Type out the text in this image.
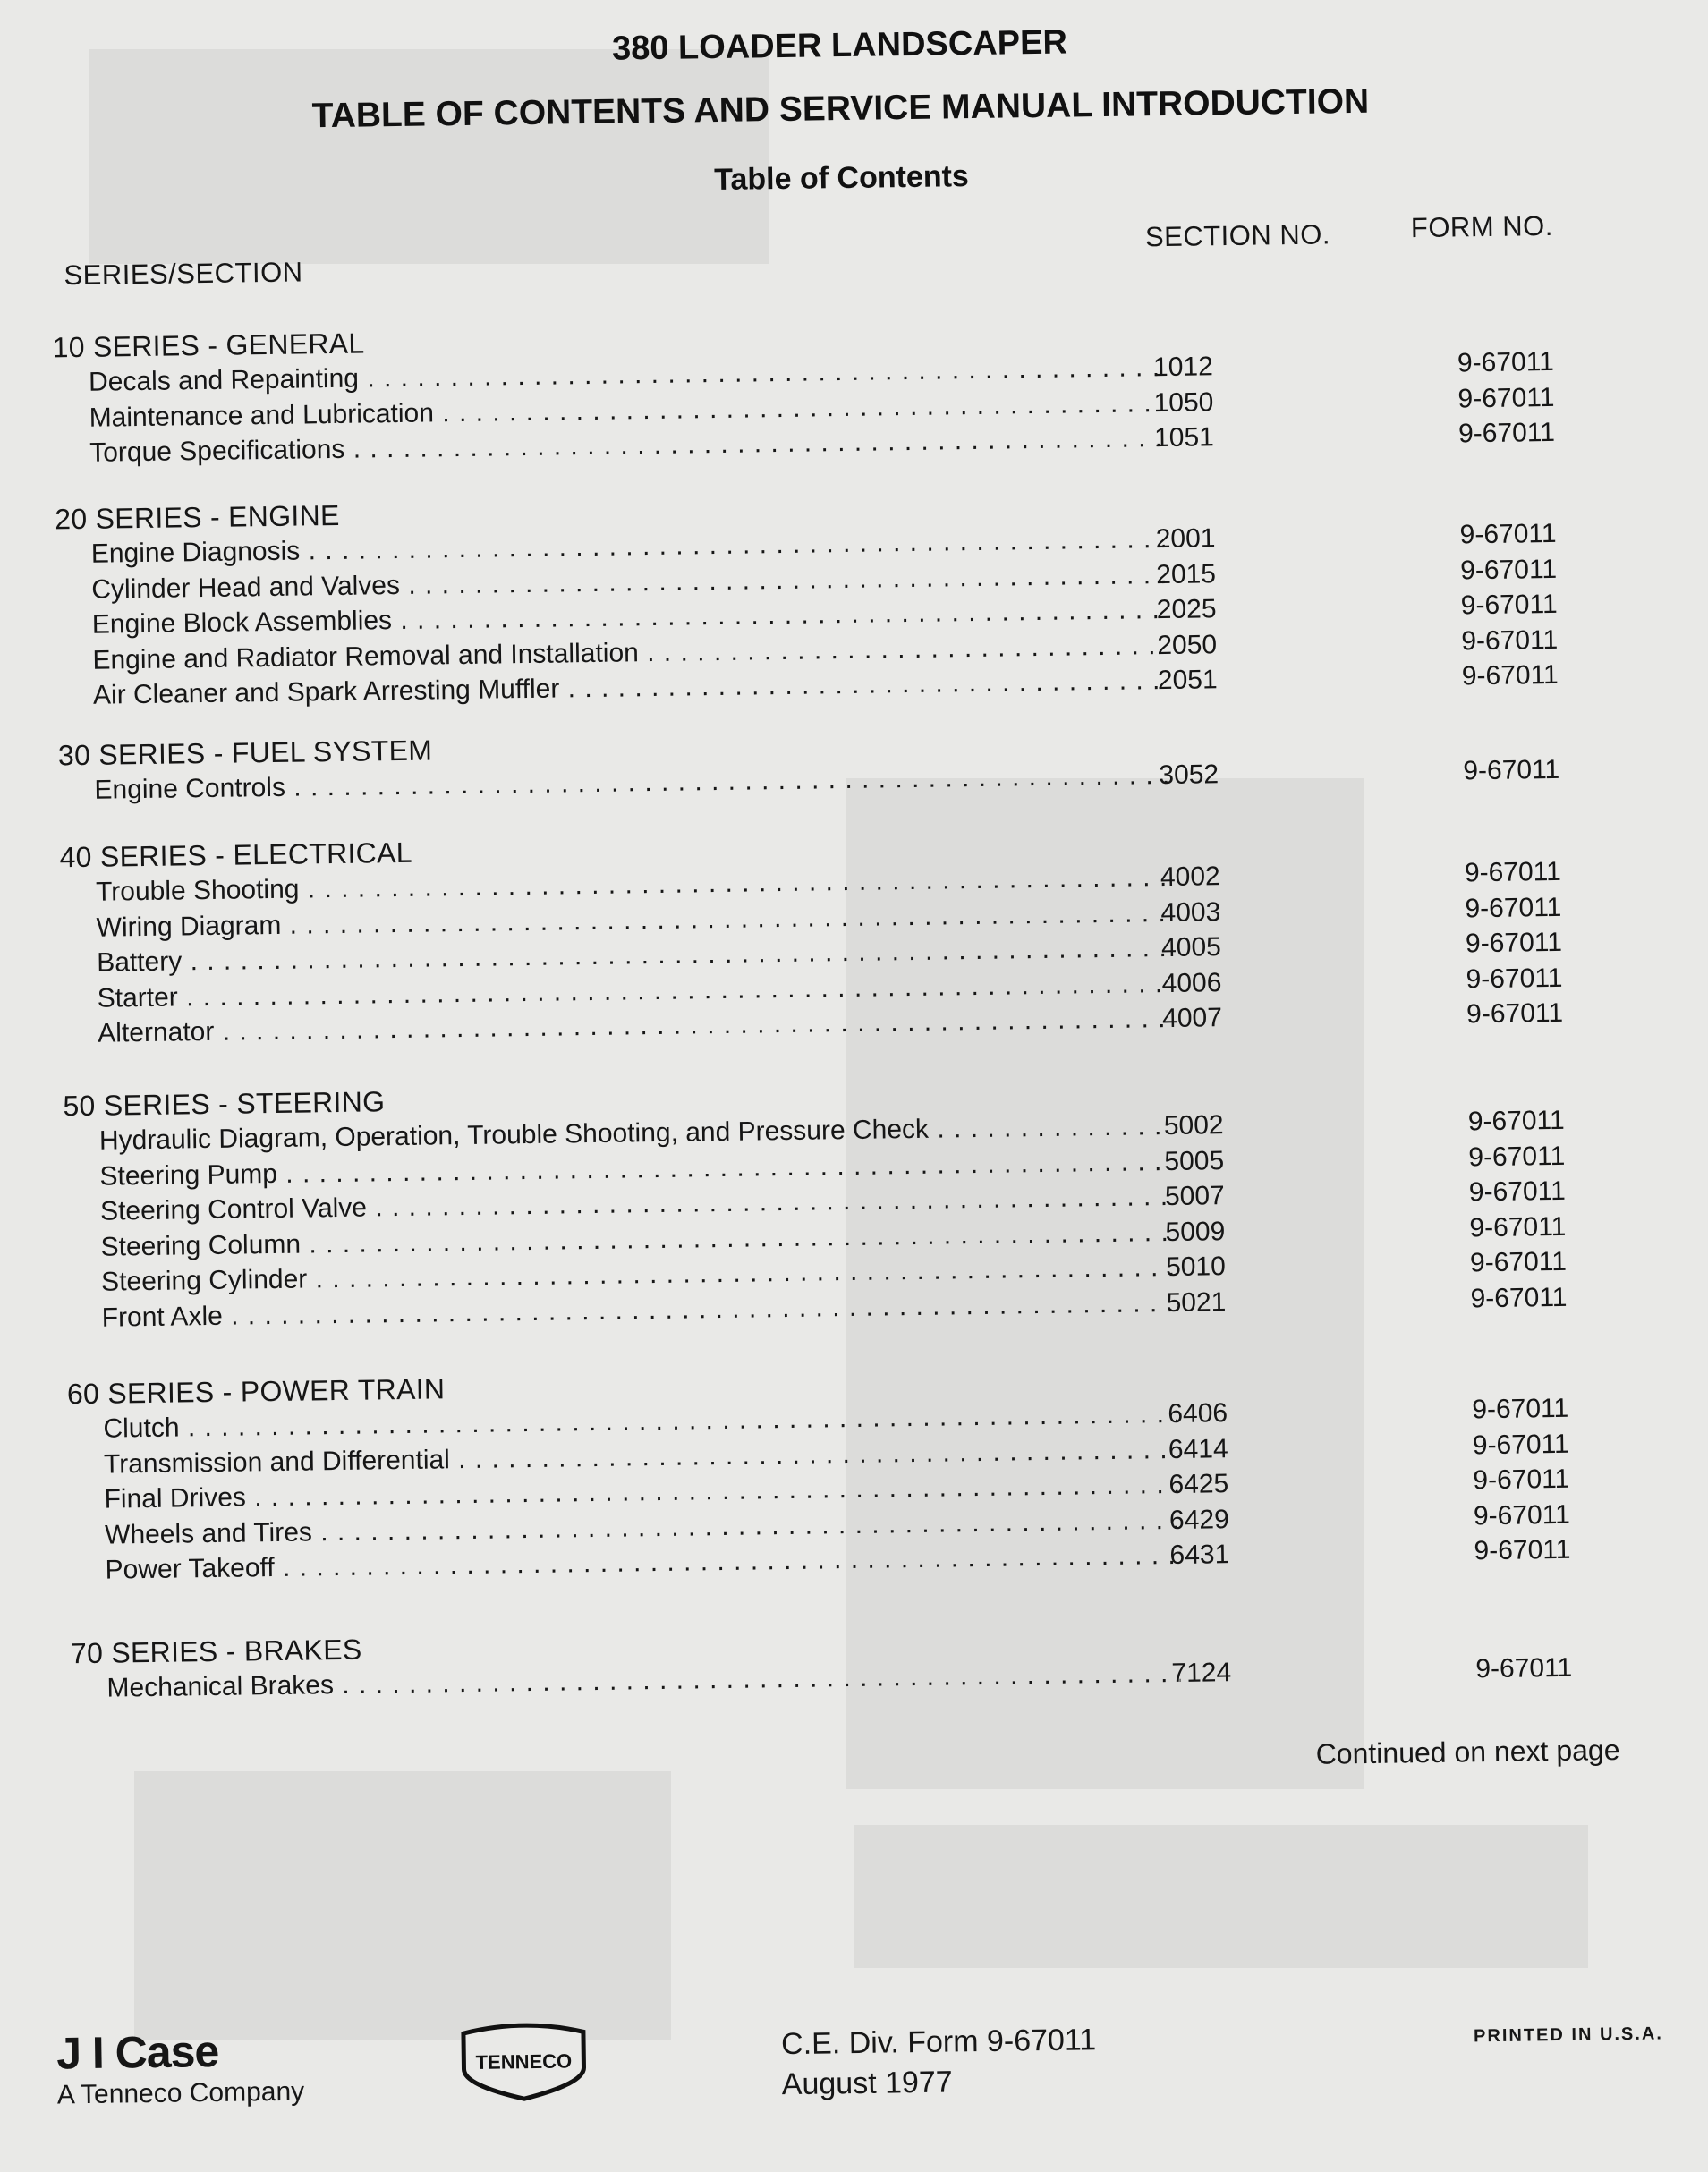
380 LOADER LANDSCAPER
TABLE OF CONTENTS AND SERVICE MANUAL INTRODUCTION
Table of Contents
SERIES/SECTION
SECTION NO.	FORM NO.
10 SERIES - GENERAL
Decals and Repainting . . .	1012	9-67011
Maintenance and Lubrication . . .	1050	9-67011
Torque Specifications . . .	1051	9-67011
20 SERIES - ENGINE
Engine Diagnosis . . .	2001	9-67011
Cylinder Head and Valves . . .	2015	9-67011
Engine Block Assemblies . . .	2025	9-67011
Engine and Radiator Removal and Installation . . .	2050	9-67011
Air Cleaner and Spark Arresting Muffler . . .	2051	9-67011
30 SERIES - FUEL SYSTEM
Engine Controls . . .	3052	9-67011
40 SERIES - ELECTRICAL
Trouble Shooting . . .	4002	9-67011
Wiring Diagram . . .	4003	9-67011
Battery . . .	4005	9-67011
Starter . . .	4006	9-67011
Alternator . . .	4007	9-67011
50 SERIES - STEERING
Hydraulic Diagram, Operation, Trouble Shooting, and Pressure Check . . .	5002	9-67011
Steering Pump . . .	5005	9-67011
Steering Control Valve . . .	5007	9-67011
Steering Column . . .	5009	9-67011
Steering Cylinder . . .	5010	9-67011
Front Axle . . .	5021	9-67011
60 SERIES - POWER TRAIN
Clutch . . .	6406	9-67011
Transmission and Differential . . .	6414	9-67011
Final Drives . . .	6425	9-67011
Wheels and Tires . . .	6429	9-67011
Power Takeoff . . .	6431	9-67011
70 SERIES - BRAKES
Mechanical Brakes . . .	7124	9-67011
Continued on next page
J I Case
A Tenneco Company
TENNECO
C.E. Div. Form 9-67011
August 1977
PRINTED IN U.S.A.
